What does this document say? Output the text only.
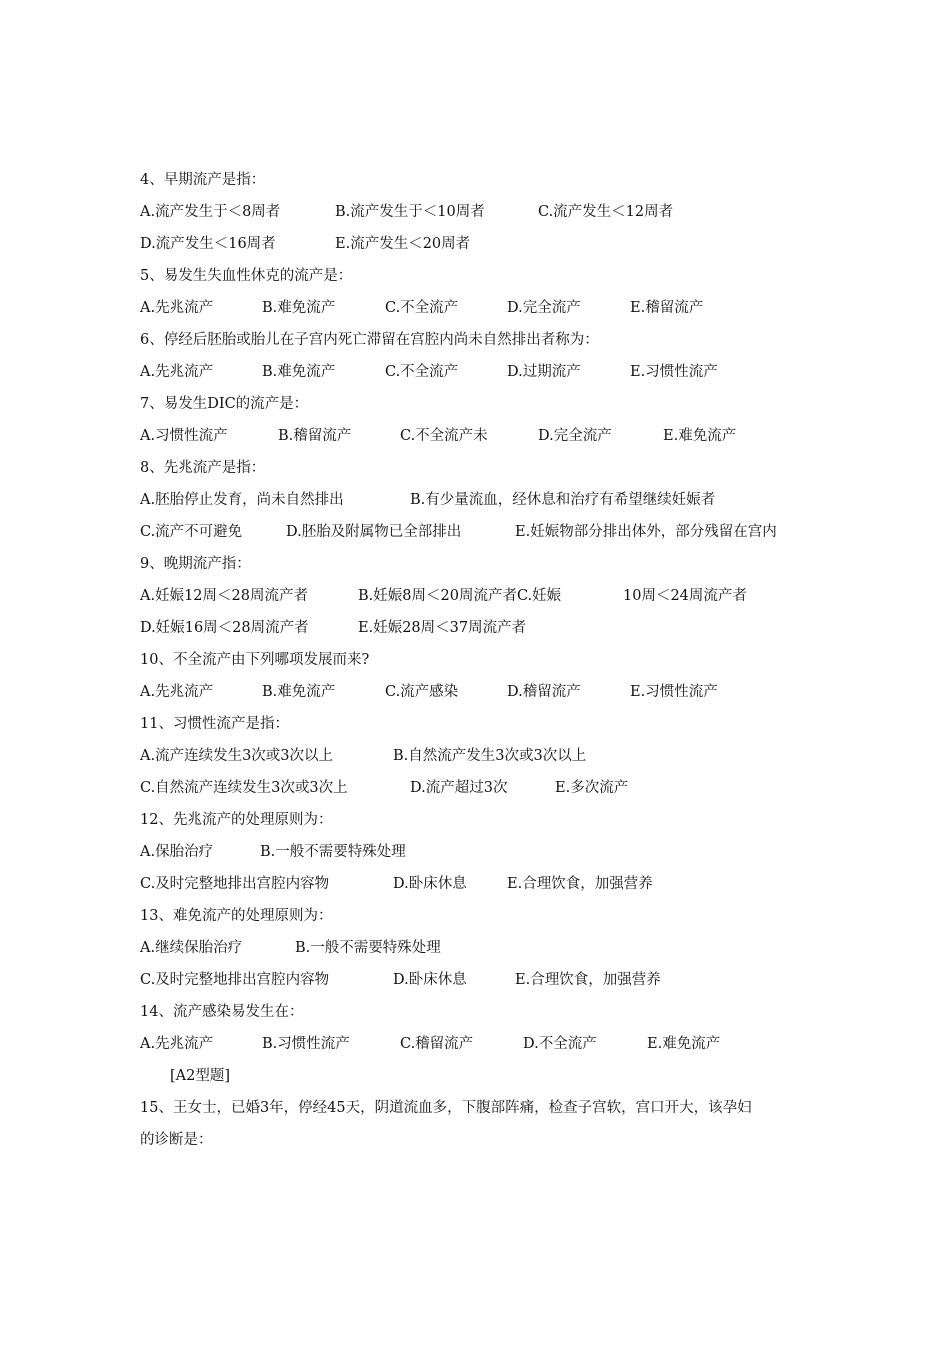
4、早期流产是指：
A.流产发生于＜8周者	B.流产发生于＜10周者	C.流产发生＜12周者
D.流产发生＜16周者	E.流产发生＜20周者
5、易发生失血性休克的流产是：
A.先兆流产	B.难免流产	C.不全流产	D.完全流产	E.稽留流产
6、停经后胚胎或胎儿在子宫内死亡滞留在宫腔内尚未自然排出者称为：
A.先兆流产	B.难免流产	C.不全流产	D.过期流产	E.习惯性流产
7、易发生DIC的流产是：
A.习惯性流产	B.稽留流产	C.不全流产未	D.完全流产	E.难免流产
8、先兆流产是指：
A.胚胎停止发育，尚未自然排出	B.有少量流血，经休息和治疗有希望继续妊娠者
C.流产不可避免	D.胚胎及附属物已全部排出	E.妊娠物部分排出体外，部分残留在宫内
9、晚期流产指：
A.妊娠12周＜28周流产者	B.妊娠8周＜20周流产者C.妊娠	10周＜24周流产者
D.妊娠16周＜28周流产者	E.妊娠28周＜37周流产者
10、不全流产由下列哪项发展而来?
A.先兆流产	B.难免流产	C.流产感染	D.稽留流产	E.习惯性流产
11、习惯性流产是指：
A.流产连续发生3次或3次以上	B.自然流产发生3次或3次以上
C.自然流产连续发生3次或3次上	D.流产超过3次	E.多次流产
12、先兆流产的处理原则为：
A.保胎治疗	B.一般不需要特殊处理
C.及时完整地排出宫腔内容物	D.卧床休息	E.合理饮食，加强营养
13、难免流产的处理原则为：
A.继续保胎治疗	B.一般不需要特殊处理
C.及时完整地排出宫腔内容物	D.卧床休息	E.合理饮食，加强营养
14、流产感染易发生在：
A.先兆流产	B.习惯性流产	C.稽留流产	D.不全流产	E.难免流产
[A2型题]
15、王女士，已婚3年，停经45天，阴道流血多，下腹部阵痛，检查子宫软，宫口开大，该孕妇
的诊断是：
